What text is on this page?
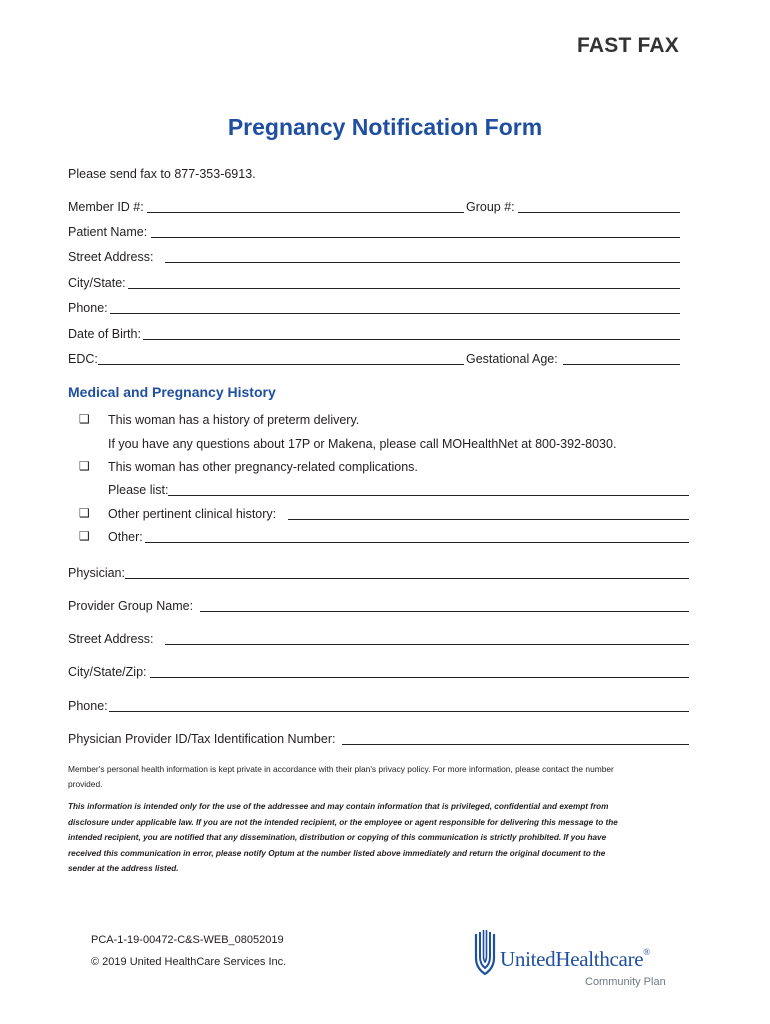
FAST FAX
Pregnancy Notification Form
Please send fax to 877-353-6913.
Member ID #:	Group #:
Patient Name:
Street Address:
City/State:
Phone:
Date of Birth:
EDC:	Gestational Age:
Medical and Pregnancy History
❑ This woman has a history of preterm delivery.
If you have any questions about 17P or Makena, please call MOHealthNet at 800-392-8030.
❑ This woman has other pregnancy-related complications.
Please list:
❑ Other pertinent clinical history:
❑ Other:
Physician:
Provider Group Name:
Street Address:
City/State/Zip:
Phone:
Physician Provider ID/Tax Identification Number:
Member's personal health information is kept private in accordance with their plan's privacy policy. For more information, please contact the number provided.
This information is intended only for the use of the addressee and may contain information that is privileged, confidential and exempt from disclosure under applicable law. If you are not the intended recipient, or the employee or agent responsible for delivering this message to the intended recipient, you are notified that any dissemination, distribution or copying of this communication is strictly prohibited. If you have received this communication in error, please notify Optum at the number listed above immediately and return the original document to the sender at the address listed.
PCA-1-19-00472-C&S-WEB_08052019
© 2019 United HealthCare Services Inc.	UnitedHealthcare®
Community Plan
